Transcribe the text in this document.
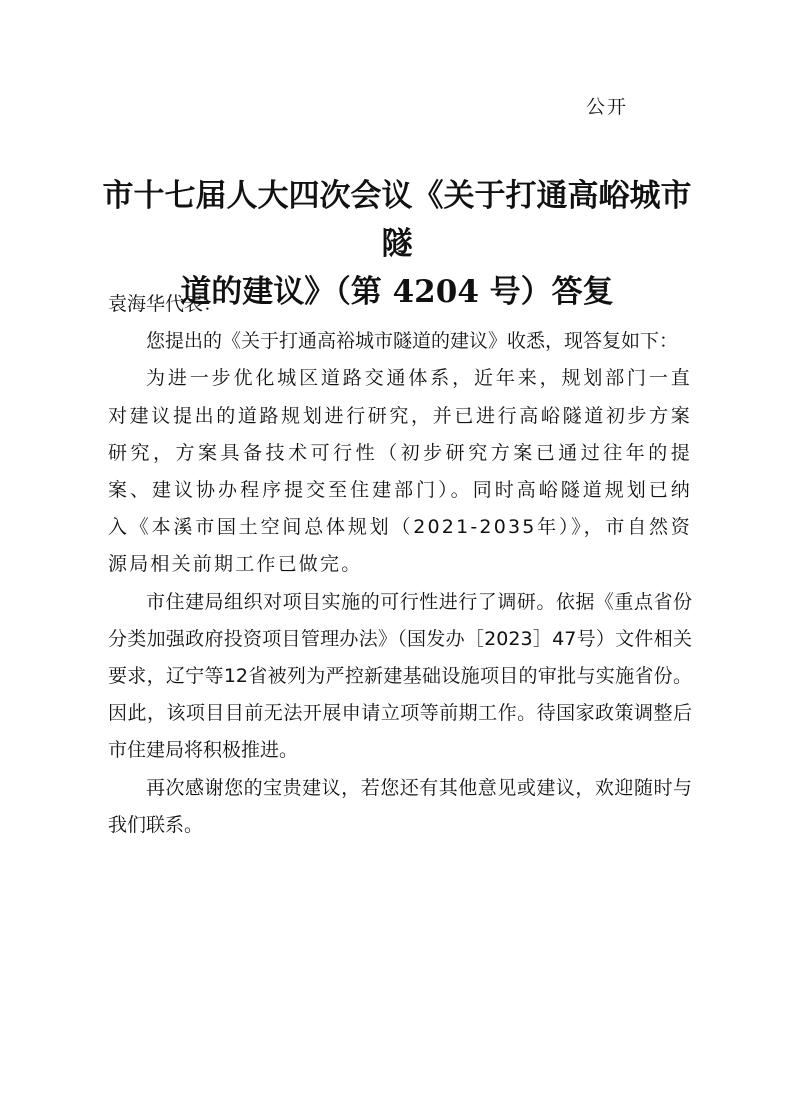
公开
市十七届人大四次会议《关于打通高峪城市隧
道的建议》（第 4204 号）答复

袁海华代表：

您提出的《关于打通高裕城市隧道的建议》收悉，现答复如下：

为进一步优化城区道路交通体系，近年来，规划部门一直对建议提出的道路规划进行研究，并已进行高峪隧道初步方案研究，方案具备技术可行性（初步研究方案已通过往年的提案、建议协办程序提交至住建部门）。同时高峪隧道规划已纳入《本溪市国土空间总体规划（2021-2035年）》，市自然资源局相关前期工作已做完。

市住建局组织对项目实施的可行性进行了调研。依据《重点省份分类加强政府投资项目管理办法》（国发办［2023］47号）文件相关要求，辽宁等12省被列为严控新建基础设施项目的审批与实施省份。因此，该项目目前无法开展申请立项等前期工作。待国家政策调整后市住建局将积极推进。

再次感谢您的宝贵建议，若您还有其他意见或建议，欢迎随时与我们联系。
